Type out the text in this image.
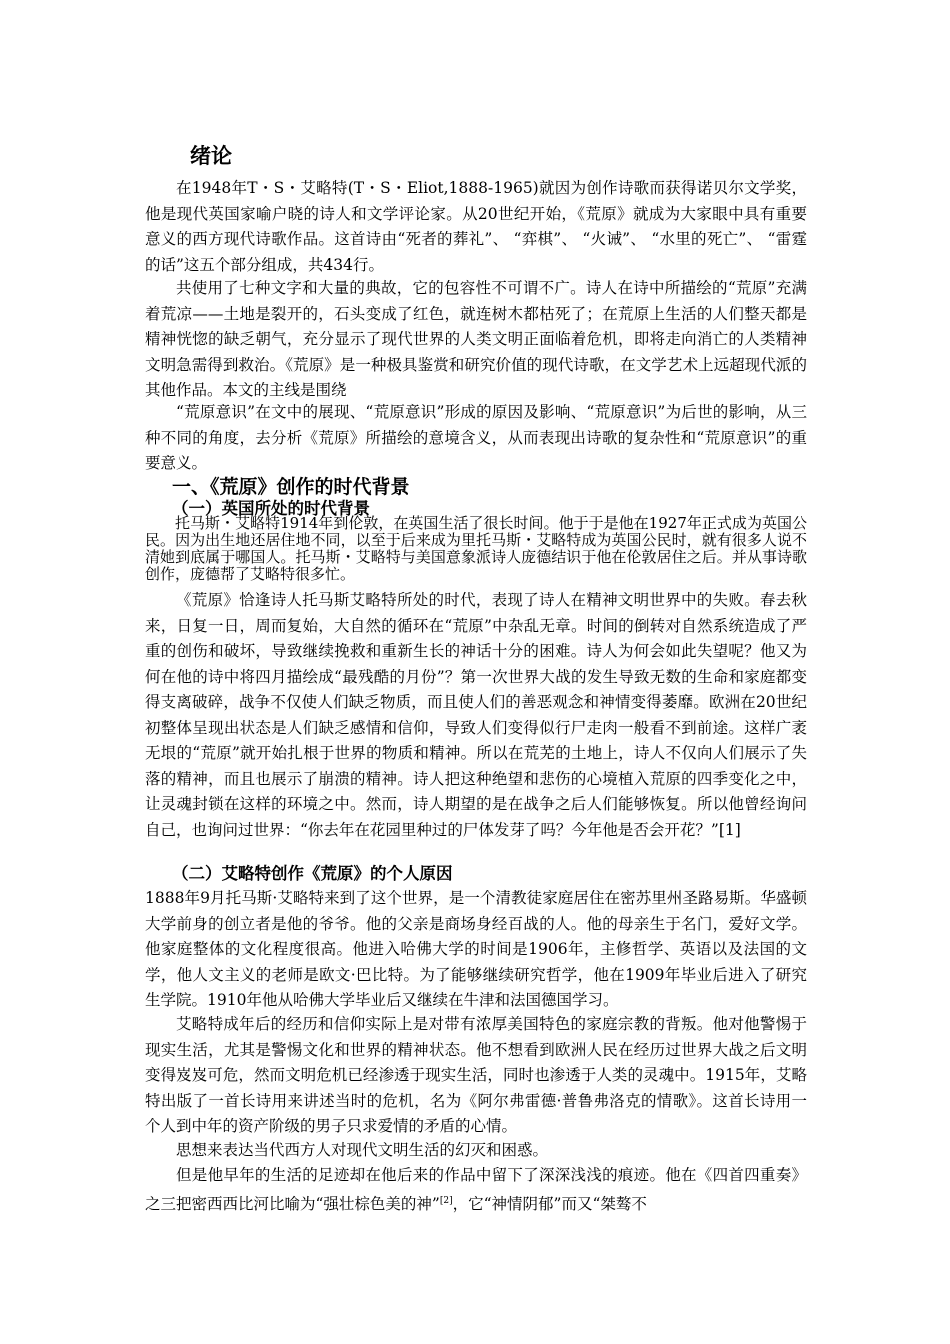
绪论

在1948年T・S・艾略特(T・S・Eliot,1888-1965)就因为创作诗歌而获得诺贝尔文学奖，他是现代英国家喻户晓的诗人和文学评论家。从20世纪开始，《荒原》就成为大家眼中具有重要意义的西方现代诗歌作品。这首诗由“死者的葬礼”、 “弈棋”、 “火诫”、 “水里的死亡”、 “雷霆的话”这五个部分组成，共434行。

共使用了七种文字和大量的典故，它的包容性不可谓不广。诗人在诗中所描绘的“荒原”充满着荒凉——土地是裂开的，石头变成了红色，就连树木都枯死了；在荒原上生活的人们整天都是精神恍惚的缺乏朝气，充分显示了现代世界的人类文明正面临着危机，即将走向消亡的人类精神文明急需得到救治。《荒原》是一种极具鉴赏和研究价值的现代诗歌，在文学艺术上远超现代派的其他作品。本文的主线是围绕

“荒原意识”在文中的展现、“荒原意识”形成的原因及影响、“荒原意识”为后世的影响，从三种不同的角度，去分析《荒原》所描绘的意境含义，从而表现出诗歌的复杂性和“荒原意识”的重要意义。

一、《荒原》创作的时代背景
（一）英国所处的时代背景

托马斯・艾略特1914年到伦敦，在英国生活了很长时间。他于于是他在1927年正式成为英国公民。因为出生地还居住地不同，以至于后来成为里托马斯・艾略特成为英国公民时，就有很多人说不清她到底属于哪国人。托马斯・艾略特与美国意象派诗人庞德结识于他在伦敦居住之后。并从事诗歌创作，庞德帮了艾略特很多忙。

《荒原》恰逢诗人托马斯艾略特所处的时代，表现了诗人在精神文明世界中的失败。春去秋来，日复一日，周而复始，大自然的循环在“荒原”中杂乱无章。时间的倒转对自然系统造成了严重的创伤和破坏，导致继续挽救和重新生长的神话十分的困难。诗人为何会如此失望呢？他又为何在他的诗中将四月描绘成“最残酷的月份”？第一次世界大战的发生导致无数的生命和家庭都变得支离破碎，战争不仅使人们缺乏物质，而且使人们的善恶观念和神情变得萎靡。欧洲在20世纪初整体呈现出状态是人们缺乏感情和信仰，导致人们变得似行尸走肉一般看不到前途。这样广袤无垠的“荒原”就开始扎根于世界的物质和精神。所以在荒芜的土地上，诗人不仅向人们展示了失落的精神，而且也展示了崩溃的精神。诗人把这种绝望和悲伤的心境植入荒原的四季变化之中，让灵魂封锁在这样的环境之中。然而，诗人期望的是在战争之后人们能够恢复。所以他曾经询问自己，也询问过世界：“你去年在花园里种过的尸体发芽了吗？今年他是否会开花？”[1]

（二）艾略特创作《荒原》的个人原因

1888年9月托马斯·艾略特来到了这个世界，是一个清教徒家庭居住在密苏里州圣路易斯。华盛顿大学前身的创立者是他的爷爷。他的父亲是商场身经百战的人。他的母亲生于名门，爱好文学。他家庭整体的文化程度很高。他进入哈佛大学的时间是1906年，主修哲学、英语以及法国的文学，他人文主义的老师是欧文·巴比特。为了能够继续研究哲学，他在1909年毕业后进入了研究生学院。1910年他从哈佛大学毕业后又继续在牛津和法国德国学习。

艾略特成年后的经历和信仰实际上是对带有浓厚美国特色的家庭宗教的背叛。他对他警惕于现实生活，尤其是警惕文化和世界的精神状态。他不想看到欧洲人民在经历过世界大战之后文明变得岌岌可危，然而文明危机已经渗透于现实生活，同时也渗透于人类的灵魂中。1915年，艾略特出版了一首长诗用来讲述当时的危机，名为《阿尔弗雷德·普鲁弗洛克的情歌》。这首长诗用一个人到中年的资产阶级的男子只求爱情的矛盾的心情。

思想来表达当代西方人对现代文明生活的幻灭和困惑。

但是他早年的生活的足迹却在他后来的作品中留下了深深浅浅的痕迹。他在《四首四重奏》之三把密西西比河比喻为“强壮棕色美的神”[2]，它“神情阴郁”而又“桀骜不
